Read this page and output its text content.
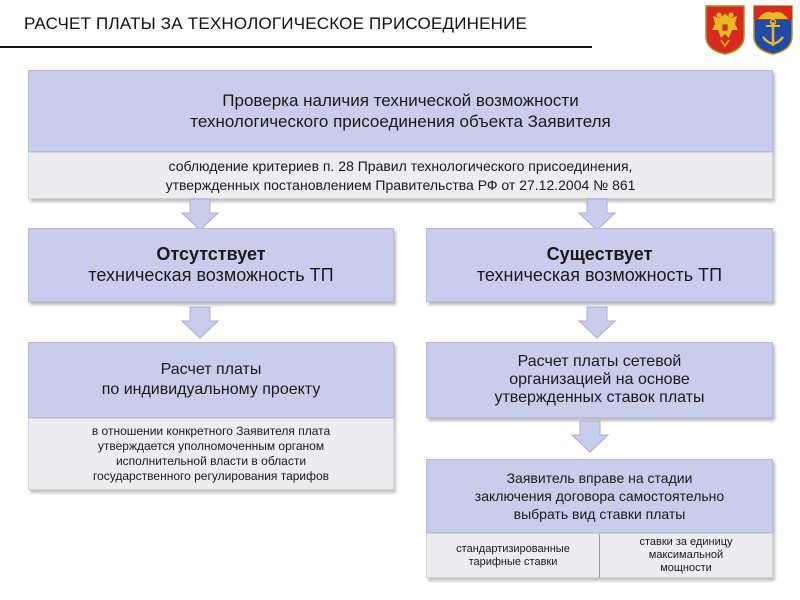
РАСЧЕТ ПЛАТЫ ЗА ТЕХНОЛОГИЧЕСКОЕ ПРИСОЕДИНЕНИЕ
Проверка наличия технической возможности
технологического присоединения объекта Заявителя
соблюдение критериев п. 28 Правил технологического присоединения,
утвержденных постановлением Правительства РФ от 27.12.2004 № 861
Отсутствует
техническая возможность ТП
Существует
техническая возможность ТП
Расчет платы
по индивидуальному проекту
в отношении конкретного Заявителя плата
утверждается уполномоченным органом
исполнительной власти в области
государственного регулирования тарифов
Расчет платы сетевой
организацией на основе
утвержденных ставок платы
Заявитель вправе на стадии
заключения договора самостоятельно
выбрать вид ставки платы
стандартизированные
тарифные ставки
ставки за единицу
максимальной
мощности
